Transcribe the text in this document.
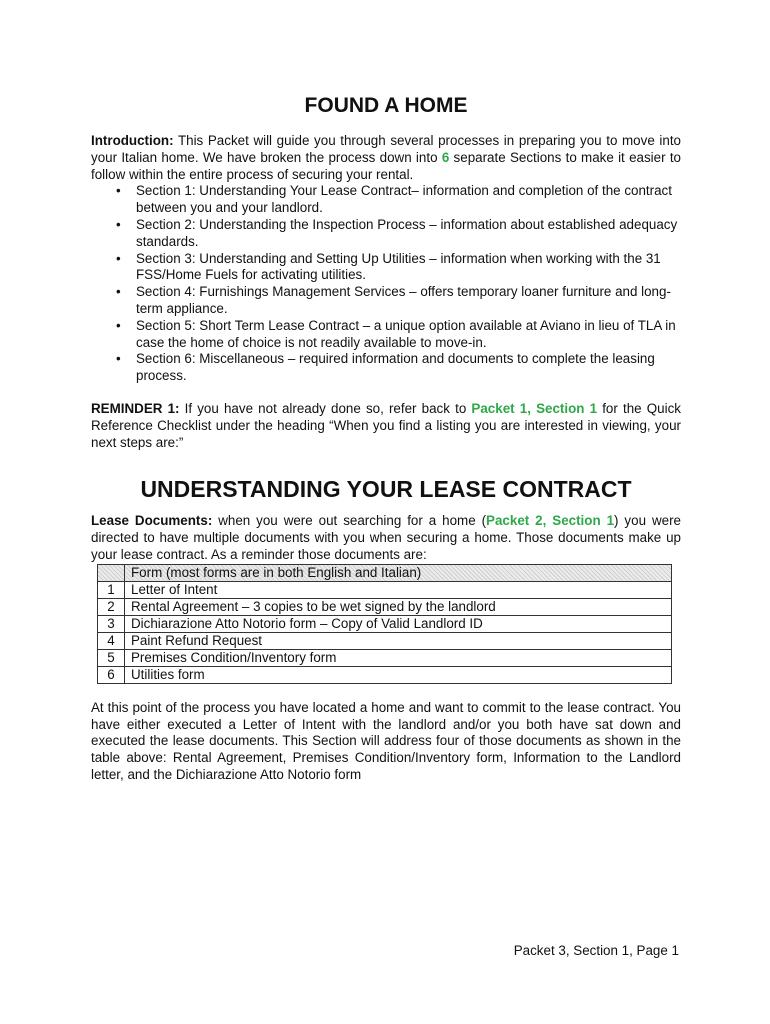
FOUND A HOME

Introduction: This Packet will guide you through several processes in preparing you to move into your Italian home. We have broken the process down into 6 separate Sections to make it easier to follow within the entire process of securing your rental.

• Section 1: Understanding Your Lease Contract– information and completion of the contract between you and your landlord.
• Section 2: Understanding the Inspection Process – information about established adequacy standards.
• Section 3: Understanding and Setting Up Utilities – information when working with the 31 FSS/Home Fuels for activating utilities.
• Section 4: Furnishings Management Services – offers temporary loaner furniture and long-term appliance.
• Section 5: Short Term Lease Contract – a unique option available at Aviano in lieu of TLA in case the home of choice is not readily available to move-in.
• Section 6: Miscellaneous – required information and documents to complete the leasing process.

REMINDER 1: If you have not already done so, refer back to Packet 1, Section 1 for the Quick Reference Checklist under the heading “When you find a listing you are interested in viewing, your next steps are:”

UNDERSTANDING YOUR LEASE CONTRACT

Lease Documents: when you were out searching for a home (Packet 2, Section 1) you were directed to have multiple documents with you when securing a home. Those documents make up your lease contract. As a reminder those documents are:

	Form (most forms are in both English and Italian)
1	Letter of Intent
2	Rental Agreement – 3 copies to be wet signed by the landlord
3	Dichiarazione Atto Notorio form – Copy of Valid Landlord ID
4	Paint Refund Request
5	Premises Condition/Inventory form
6	Utilities form

At this point of the process you have located a home and want to commit to the lease contract. You have either executed a Letter of Intent with the landlord and/or you both have sat down and executed the lease documents. This Section will address four of those documents as shown in the table above: Rental Agreement, Premises Condition/Inventory form, Information to the Landlord letter, and the Dichiarazione Atto Notorio form

Packet 3, Section 1, Page 1
